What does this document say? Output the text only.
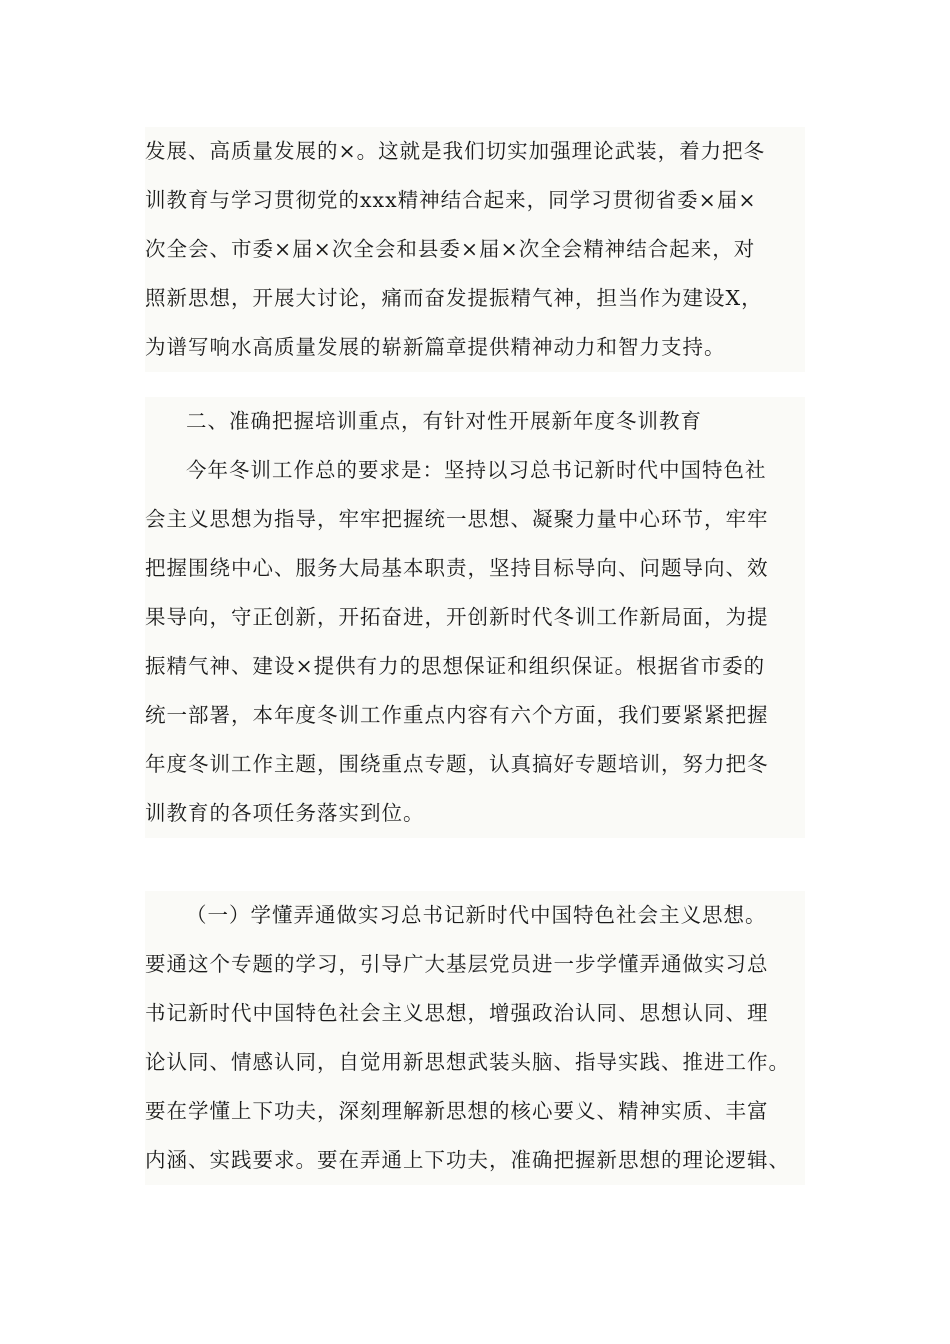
发展、高质量发展的×。这就是我们切实加强理论武装，着力把冬
训教育与学习贯彻党的xxx精神结合起来，同学习贯彻省委×届×
次全会、市委×届×次全会和县委×届×次全会精神结合起来，对
照新思想，开展大讨论，痛而奋发提振精气神，担当作为建设X，
为谱写响水高质量发展的崭新篇章提供精神动力和智力支持。
二、准确把握培训重点，有针对性开展新年度冬训教育
今年冬训工作总的要求是：坚持以习总书记新时代中国特色社
会主义思想为指导，牢牢把握统一思想、凝聚力量中心环节，牢牢
把握围绕中心、服务大局基本职责，坚持目标导向、问题导向、效
果导向，守正创新，开拓奋进，开创新时代冬训工作新局面，为提
振精气神、建设×提供有力的思想保证和组织保证。根据省市委的
统一部署，本年度冬训工作重点内容有六个方面，我们要紧紧把握
年度冬训工作主题，围绕重点专题，认真搞好专题培训，努力把冬
训教育的各项任务落实到位。
（一）学懂弄通做实习总书记新时代中国特色社会主义思想。
要通这个专题的学习，引导广大基层党员进一步学懂弄通做实习总
书记新时代中国特色社会主义思想，增强政治认同、思想认同、理
论认同、情感认同，自觉用新思想武装头脑、指导实践、推进工作。
要在学懂上下功夫，深刻理解新思想的核心要义、精神实质、丰富
内涵、实践要求。要在弄通上下功夫，准确把握新思想的理论逻辑、
